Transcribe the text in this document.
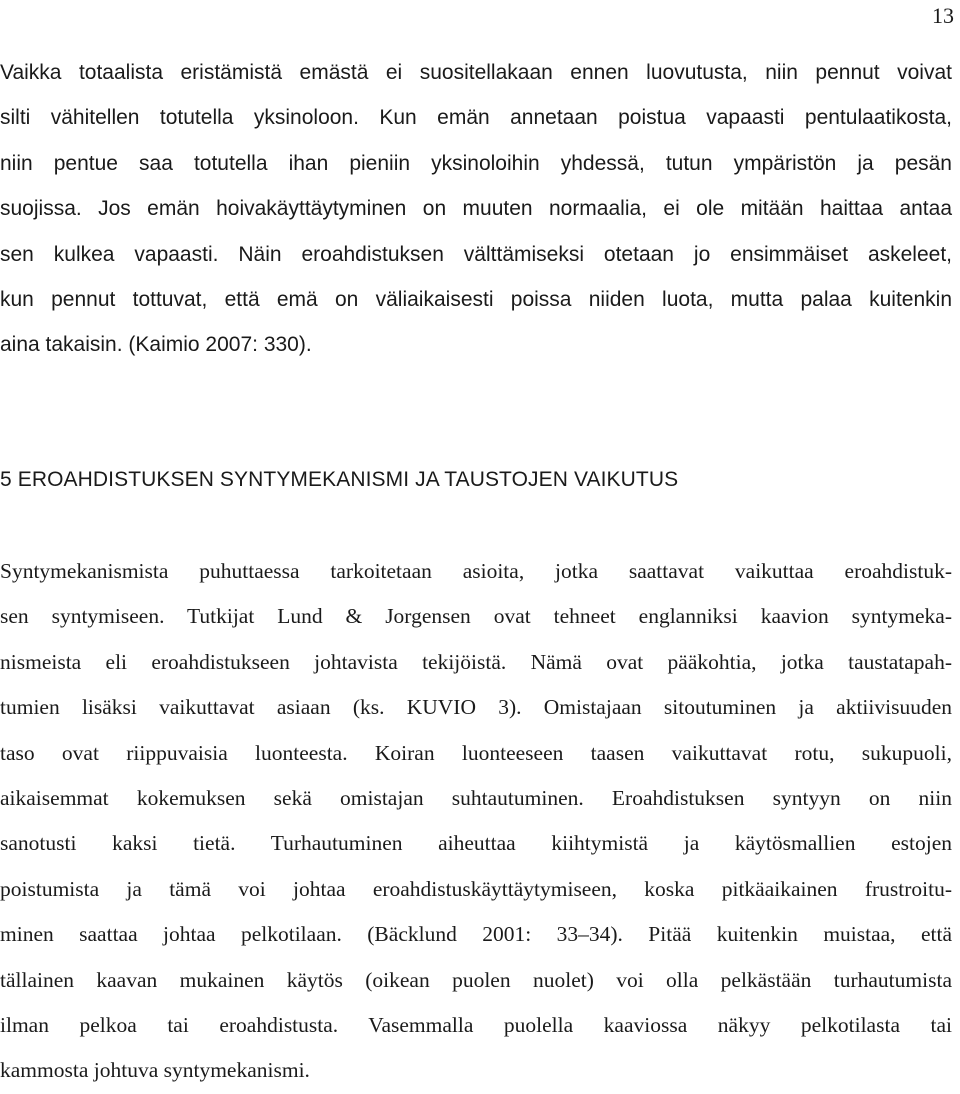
13
Vaikka totaalista eristämistä emästä ei suositellakaan ennen luovutusta, niin pennut voivat
silti vähitellen totutella yksinoloon. Kun emän annetaan poistua vapaasti pentulaatikosta,
niin pentue saa totutella ihan pieniin yksinoloihin yhdessä, tutun ympäristön ja pesän
suojissa. Jos emän hoivakäyttäytyminen on muuten normaalia, ei ole mitään haittaa antaa
sen kulkea vapaasti. Näin eroahdistuksen välttämiseksi otetaan jo ensimmäiset askeleet,
kun pennut tottuvat, että emä on väliaikaisesti poissa niiden luota, mutta palaa kuitenkin
aina takaisin. (Kaimio 2007: 330).
5 EROAHDISTUKSEN SYNTYMEKANISMI JA TAUSTOJEN VAIKUTUS
Syntymekanismista puhuttaessa tarkoitetaan asioita, jotka saattavat vaikuttaa eroahdistuk-
sen syntymiseen. Tutkijat Lund & Jorgensen ovat tehneet englanniksi kaavion syntymeka-
nismeista eli eroahdistukseen johtavista tekijöistä. Nämä ovat pääkohtia, jotka taustatapah-
tumien lisäksi vaikuttavat asiaan (ks. KUVIO 3). Omistajaan sitoutuminen ja aktiivisuuden
taso ovat riippuvaisia luonteesta. Koiran luonteeseen taasen vaikuttavat rotu, sukupuoli,
aikaisemmat kokemuksen sekä omistajan suhtautuminen. Eroahdistuksen syntyyn on niin
sanotusti kaksi tietä. Turhautuminen aiheuttaa kiihtymistä ja käytösmallien estojen
poistumista ja tämä voi johtaa eroahdistuskäyttäytymiseen, koska pitkäaikainen frustroitu-
minen saattaa johtaa pelkotilaan. (Bäcklund 2001: 33–34). Pitää kuitenkin muistaa, että
tällainen kaavan mukainen käytös (oikean puolen nuolet) voi olla pelkästään turhautumista
ilman pelkoa tai eroahdistusta. Vasemmalla puolella kaaviossa näkyy pelkotilasta tai
kammosta johtuva syntymekanismi.
